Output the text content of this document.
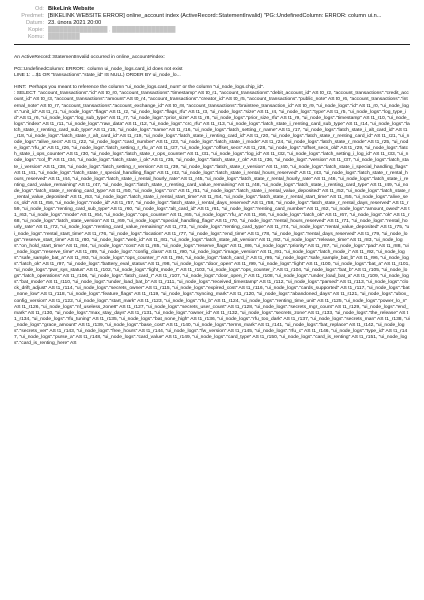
Od: BikeLink Website
Predmet: [BIKELINK WEBSITE ERROR] online_account index (ActiveRecord::StatementInvalid) "PG::UndefinedColumn: ERROR: column ui.n...
Datum: 23. února 2021 20:00
Kopie: ███████████████ , ████████████████
Komu: ████████

An ActiveRecord::StatementInvalid occurred in online_account#index:

PG::UndefinedColumn: ERROR:  column ui_node_logs.card_id does not exist
LINE 1: ...$1 OR "transactions"."state_id" IS NULL) ORDER BY ui_node_lo...

HINT:  Perhaps you meant to reference the column "ui_node_logs.card_num" or the column "ui_node_logs.chip_id".
: SELECT  "account_transactions"."id" AS t0_r0, "account_transactions"."timestamp" AS t0_r1, "account_transactions"."debit_account_id" AS t0_r2, "account_transactions"."credit_account_id" AS t0_r3, "account_transactions"."amount" AS t0_r4, "account_transactions"."creator_id" AS t0_r5, "account_transactions"."public_note" AS t0_r6, "account_transactions"."internal_note" AS t0_r7, "account_transactions"."account_exchange_id" AS t0_r8, "account_transactions"."braintree_transaction_id" AS t0_r9, "ui_node_logs"."id" AS t1_r0, "ui_node_logs"."unit_id" AS t1_r1, "ui_node_logs"."flags" AS t1_r2, "ui_node_logs"."flags_rfu" AS t1_r3, "ui_node_logs"."size" AS t1_r4, "ui_node_logs"."type" AS t1_r5, "ui_node_logs"."log_type_id" AS t1_r6, "ui_node_logs"."log_sub_type" AS t1_r7, "ui_node_logs"."prior_size" AS t1_r8, "ui_node_logs"."prior_size_rfu" AS t1_r9, "ui_node_logs"."timestamp" AS t1_r10, "ui_node_logs"."index" AS t1_r11, "ui_node_logs"."raw_data" AS t1_r12, "ui_node_logs"."crc_rfu" AS t1_r13, "ui_node_logs"."latch_state_i_renting_card_sub_type" AS t1_r14, "ui_node_logs"."latch_state_r_renting_card_sub_type" AS t1_r15, "ui_node_logs"."name" AS t1_r16, "ui_node_logs"."latch_setting_r_name" AS t1_r17, "ui_node_logs"."latch_state_i_alt_card_id" AS t1_r18, "ui_node_logs"."latch_state_r_alt_card_id" AS t1_r19, "ui_node_logs"."latch_state_i_renting_card_id" AS t1_r20, "ui_node_logs"."latch_state_r_renting_card_id" AS t1_r21, "ui_node_logs"."alive_secs" AS t1_r22, "ui_node_logs"."card_number" AS t1_r23, "ui_node_logs"."latch_state_i_mode" AS t1_r24, "ui_node_logs"."latch_state_r_mode" AS t1_r25, "ui_node_logs"."rfu_a" AS t1_r26, "ui_node_logs"."latch_setting_r_rfu_a" AS t1_r27, "ui_node_logs"."offset_secs" AS t1_r28, "ui_node_logs"."offset_secs_old" AS t1_r29, "ui_node_logs"."latch_state_i_ops_counter" AS t1_r30, "ui_node_logs"."latch_state_r_ops_counter" AS t1_r31, "ui_node_logs"."log_id" AS t1_r32, "ui_node_logs"."latch_setting_i_log_id" AS t1_r33, "ui_node_logs"."col_ff" AS t1_r34, "ui_node_logs"."latch_state_i_ok" AS t1_r35, "ui_node_logs"."latch_state_r_ok" AS t1_r36, "ui_node_logs"."version" AS t1_r37, "ui_node_logs"."latch_state_i_version" AS t1_r38, "ui_node_logs"."latch_setting_r_version" AS t1_r39, "ui_node_logs"."latch_state_r_version" AS t1_r40, "ui_node_logs"."latch_state_i_special_handling_flags" AS t1_r41, "ui_node_logs"."latch_state_r_special_handling_flags" AS t1_r42, "ui_node_logs"."latch_state_i_rental_hours_reserved" AS t1_r43, "ui_node_logs"."latch_state_r_rental_hours_reserved" AS t1_r44, "ui_node_logs"."latch_state_i_rental_hourly_rate" AS t1_r45, "ui_node_logs"."latch_state_r_rental_hourly_rate" AS t1_r46, "ui_node_logs"."latch_state_i_renting_card_value_remaining" AS t1_r47, "ui_node_logs"."latch_state_r_renting_card_value_remaining" AS t1_r48, "ui_node_logs"."latch_state_i_renting_card_type" AS t1_r49, "ui_node_logs"."latch_state_r_renting_card_type" AS t1_r50, "ui_node_logs"."crc" AS t1_r51, "ui_node_logs"."latch_state_i_rental_value_deposited" AS t1_r52, "ui_node_logs"."latch_state_r_rental_value_deposited" AS t1_r53, "ui_node_logs"."latch_state_i_rental_start_time" AS t1_r54, "ui_node_logs"."latch_state_r_rental_start_time" AS t1_r55, "ui_node_logs"."alive_secs_old" AS t1_r56, "ui_node_logs"."node_id" AS t1_r57, "ui_node_logs"."latch_state_i_rental_days_reserved" AS t1_r58, "ui_node_logs"."latch_state_r_rental_days_reserved" AS t1_r59, "ui_node_logs"."renting_card_sub_type" AS t1_r60, "ui_node_logs"."alt_card_id" AS t1_r61, "ui_node_logs"."renting_card_number" AS t1_r62, "ui_node_logs"."amount_owed" AS t1_r63, "ui_node_logs"."mode" AS t1_r64, "ui_node_logs"."ops_counter" AS t1_r65, "ui_node_logs"."rfu_a" AS t1_r66, "ui_node_logs"."latch_ok" AS t1_r67, "ui_node_logs"."ok" AS t1_r68, "ui_node_logs"."latch_state_version" AS t1_r69, "ui_node_logs"."special_handling_flags" AS t1_r70, "ui_node_logs"."rental_hours_reserved" AS t1_r71, "ui_node_logs"."rental_hourly_rate" AS t1_r72, "ui_node_logs"."renting_card_value_remaining" AS t1_r73, "ui_node_logs"."renting_card_type" AS t1_r74, "ui_node_logs"."rental_value_deposited" AS t1_r75, "ui_node_logs"."rental_start_time" AS t1_r76, "ui_node_logs"."location" AS t1_r77, "ui_node_logs"."end_time" AS t1_r78, "ui_node_logs"."rental_days_reserved" AS t1_r79, "ui_node_logs"."reserve_start_time" AS t1_r80, "ui_node_logs"."web_id" AS t1_r81, "ui_node_logs"."latch_state_alt_version" AS t1_r82, "ui_node_logs"."release_time" AS t1_r83, "ui_node_logs"."on_hold_start_time" AS t1_r84, "ui_node_logs"."cost" AS t1_r85, "ui_node_logs"."reserve_flags" AS t1_r86, "ui_node_logs"."priority" AS t1_r87, "ui_node_logs"."pad" AS t1_r88, "ui_node_logs"."reserve_time" AS t1_r89, "ui_node_logs"."config_class" AS t1_r90, "ui_node_logs"."image_version" AS t1_r91, "ui_node_logs"."latch_mode_i" AS t1_r92, "ui_node_logs"."safe_sample_bat_a" AS t1_r93, "ui_node_logs"."ops_counter_r" AS t1_r94, "ui_node_logs"."latch_card_i" AS t1_r95, "ui_node_logs"."safe_sample_bat_b" AS t1_r96, "ui_node_logs"."latch_ok" AS t1_r97, "ui_node_logs"."battery_eval_status" AS t1_r98, "ui_node_logs"."door_open" AS t1_r99, "ui_node_logs"."light" AS t1_r100, "ui_node_logs"."bat_a" AS t1_r101, "ui_node_logs"."pwr_sys_status" AS t1_r102, "ui_node_logs"."light_mode_r" AS t1_r103, "ui_node_logs"."ops_counter_i" AS t1_r104, "ui_node_logs"."bat_b" AS t1_r105, "ui_node_logs"."latch_operations" AS t1_r106, "ui_node_logs"."latch_card_r" AS t1_r107, "ui_node_logs"."door_open_i" AS t1_r108, "ui_node_logs"."under_load_bat_a" AS t1_r109, "ui_node_logs"."bat_mode" AS t1_r110, "ui_node_logs"."under_load_bat_b" AS t1_r111, "ui_node_logs"."received_timestamp" AS t1_r112, "ui_node_logs"."parsed" AS t1_r113, "ui_node_logs"."clock_drift_adjust" AS t1_r114, "ui_node_logs"."secrets_owner" AS t1_r115, "ui_node_logs"."expired_cost" AS t1_r116, "ui_node_logs"."cards_supported" AS t1_r117, "ui_node_logs"."bat_none_low" AS t1_r118, "ui_node_logs"."feature_flags" AS t1_r119, "ui_node_logs"."syncing_mark" AS t1_r120, "ui_node_logs"."abandoned_days" AS t1_r121, "ui_node_logs"."ubox_config_version" AS t1_r122, "ui_node_logs"."start_mark" AS t1_r123, "ui_node_logs"."rfu_b" AS t1_r124, "ui_node_logs"."renting_time_unit" AS t1_r125, "ui_node_logs"."power_lo_n" AS t1_r126, "ui_node_logs"."nf_useless_zone8" AS t1_r127, "ui_node_logs"."secrets_user_count" AS t1_r128, "ui_node_logs"."secrets_mgr_count" AS t1_r129, "ui_node_logs"."end_mark" AS t1_r130, "ui_node_logs"."max_stay_days" AS t1_r131, "ui_node_logs"."owner_id" AS t1_r132, "ui_node_logs"."secrets_zone" AS t1_r133, "ui_node_logs"."the_release" AS t1_r134, "ui_node_logs"."rfu_tuning" AS t1_r135, "ui_node_logs"."bat_none_high" AS t1_r136, "ui_node_logs"."rfu_too_dark" AS t1_r137, "ui_node_logs"."secrets_man" AS t1_r138, "ui_node_logs"."grace_amount" AS t1_r139, "ui_node_logs"."base_cost" AS t1_r140, "ui_node_logs"."terms_mark" AS t1_r141, "ui_node_logs"."bat_replace" AS t1_r142, "ui_node_logs"."secrets_ver" AS t1_r143, "ui_node_logs"."free_hours" AS t1_r144, "ui_node_logs"."fw_version" AS t1_r145, "ui_node_logs"."rfu_c" AS t1_r146, "ui_node_logs"."type_id" AS t1_r147, "ui_node_logs"."purse_a" AS t1_r148, "ui_node_logs"."card_value" AS t1_r149, "ui_node_logs"."card_type" AS t1_r150, "ui_node_logs"."card_is_renting" AS t1_r151, "ui_node_logs"."card_is_renting_here" AS
